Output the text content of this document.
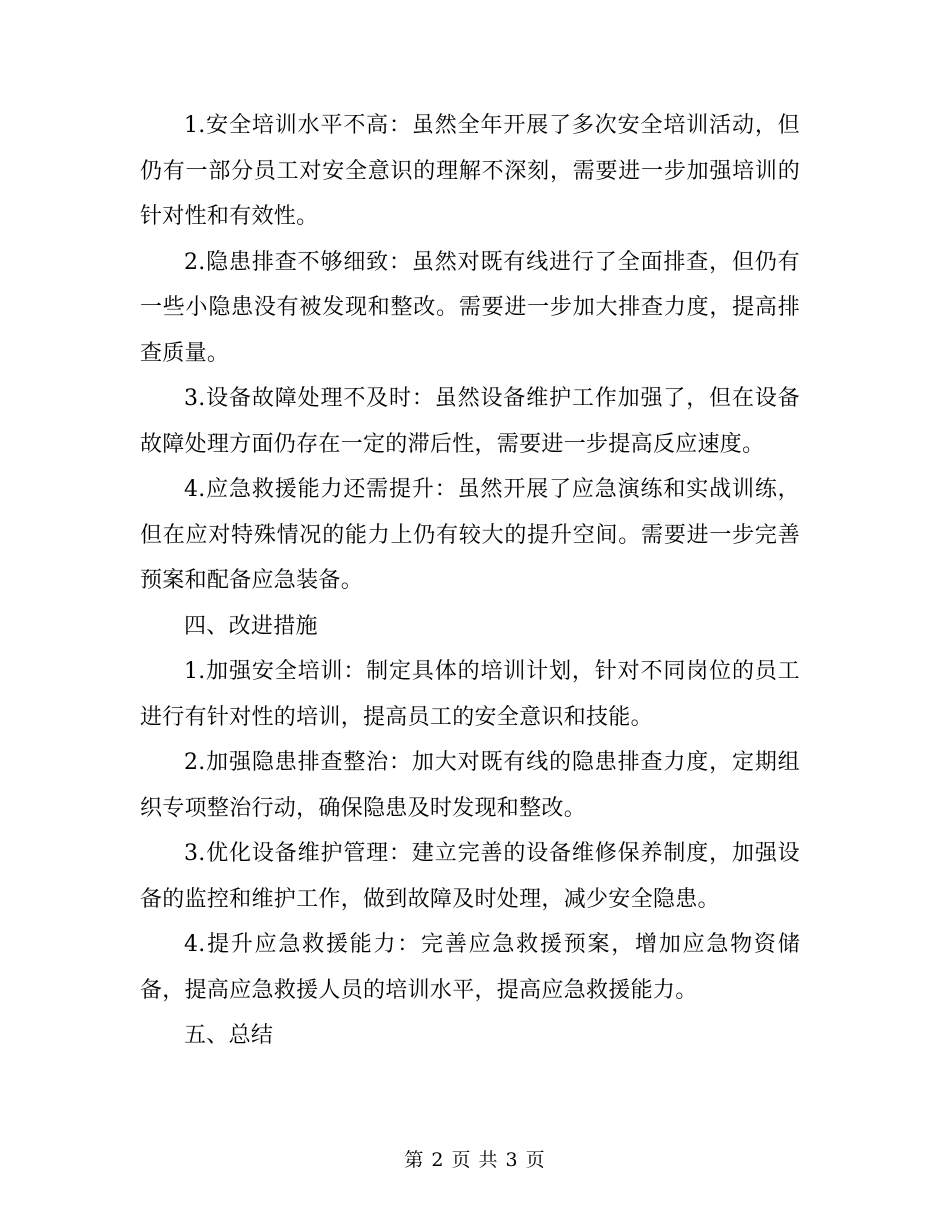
1.安全培训水平不高：虽然全年开展了多次安全培训活动，但仍有一部分员工对安全意识的理解不深刻，需要进一步加强培训的针对性和有效性。

2.隐患排查不够细致：虽然对既有线进行了全面排查，但仍有一些小隐患没有被发现和整改。需要进一步加大排查力度，提高排查质量。

3.设备故障处理不及时：虽然设备维护工作加强了，但在设备故障处理方面仍存在一定的滞后性，需要进一步提高反应速度。

4.应急救援能力还需提升：虽然开展了应急演练和实战训练，但在应对特殊情况的能力上仍有较大的提升空间。需要进一步完善预案和配备应急装备。

四、改进措施

1.加强安全培训：制定具体的培训计划，针对不同岗位的员工进行有针对性的培训，提高员工的安全意识和技能。

2.加强隐患排查整治：加大对既有线的隐患排查力度，定期组织专项整治行动，确保隐患及时发现和整改。

3.优化设备维护管理：建立完善的设备维修保养制度，加强设备的监控和维护工作，做到故障及时处理，减少安全隐患。

4.提升应急救援能力：完善应急救援预案，增加应急物资储备，提高应急救援人员的培训水平，提高应急救援能力。

五、总结

第 2 页 共 3 页
